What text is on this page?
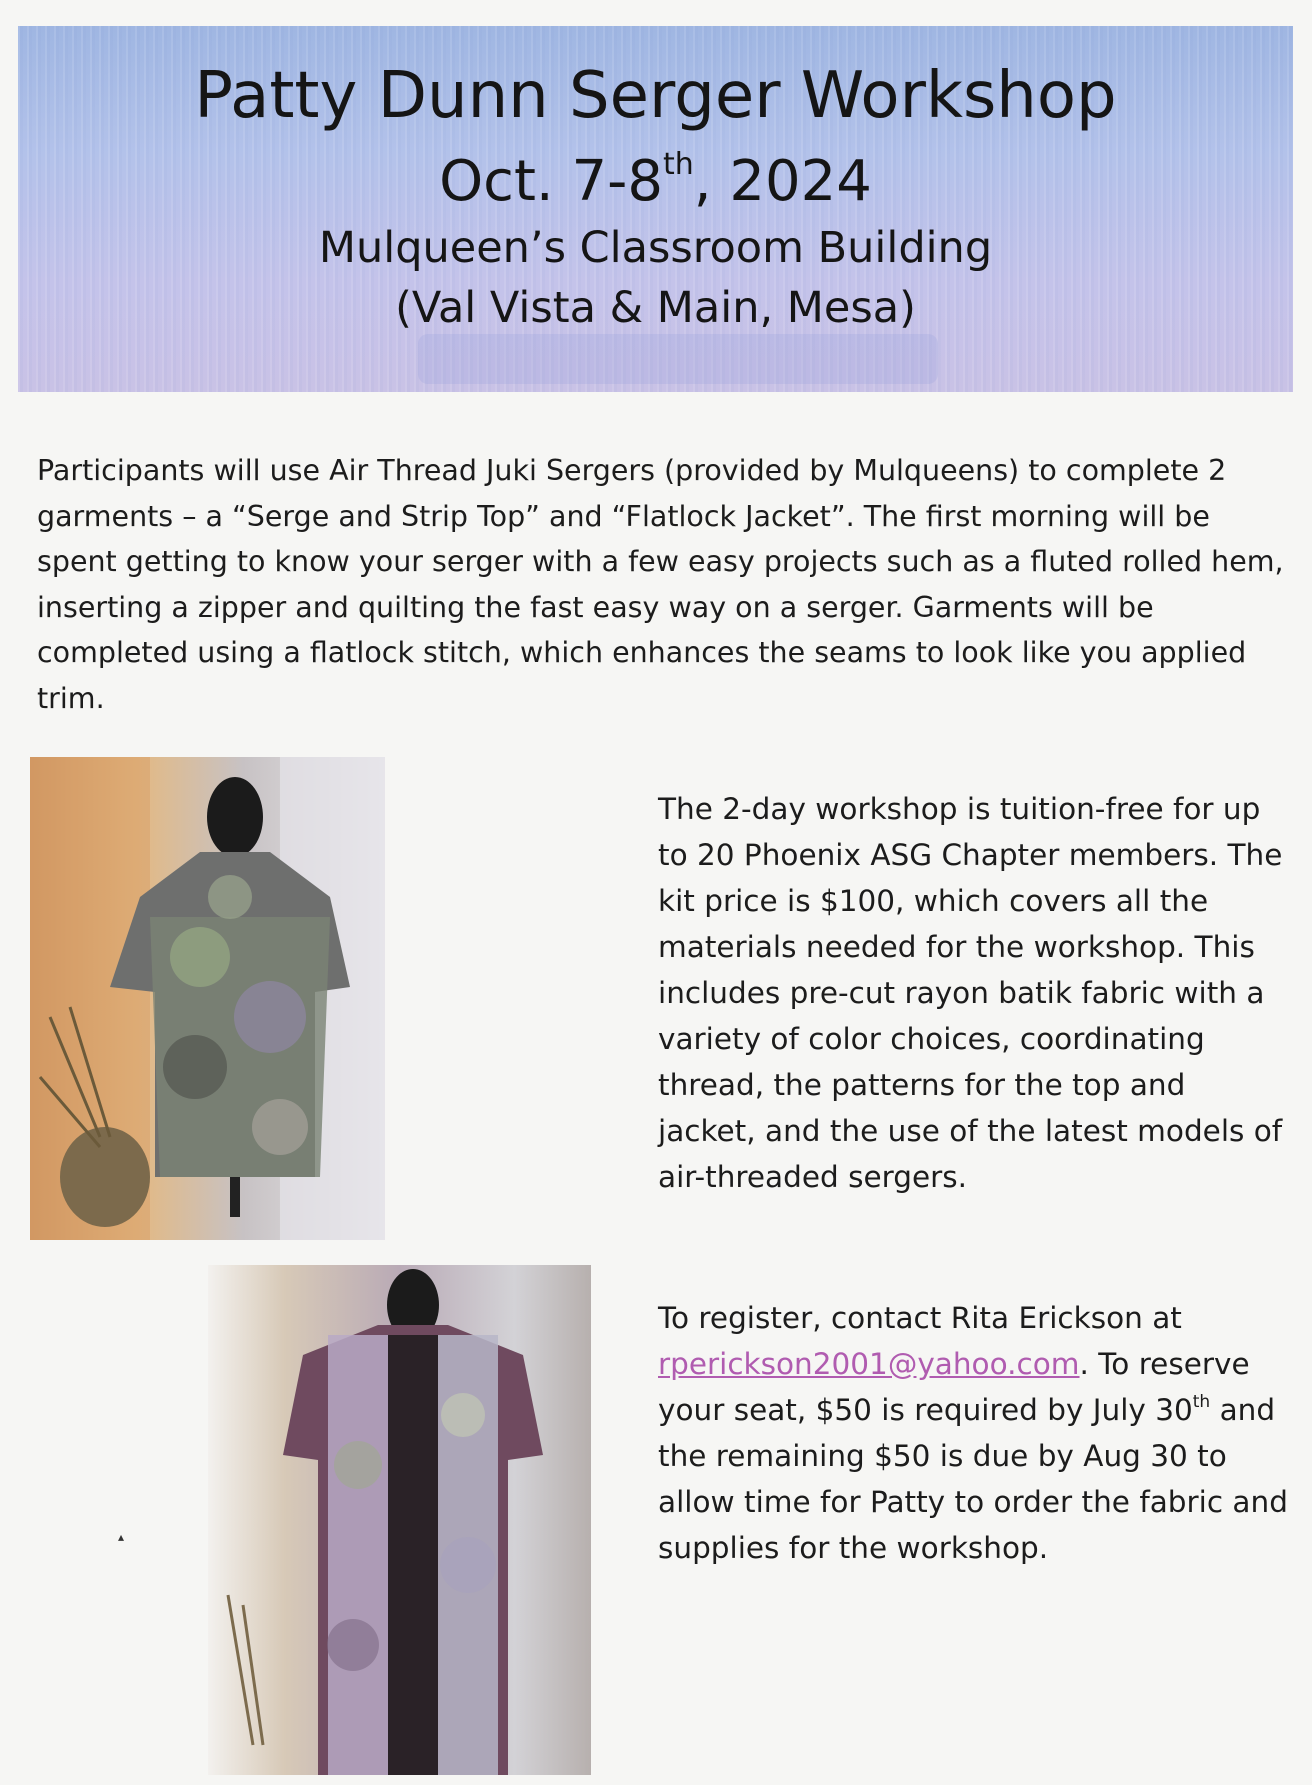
Patty Dunn Serger Workshop
Oct. 7-8th, 2024
Mulqueen’s Classroom Building
(Val Vista & Main, Mesa)

Participants will use Air Thread Juki Sergers (provided by Mulqueens) to complete 2 garments – a “Serge and Strip Top” and “Flatlock Jacket”. The first morning will be spent getting to know your serger with a few easy projects such as a fluted rolled hem, inserting a zipper and quilting the fast easy way on a serger. Garments will be completed using a flatlock stitch, which enhances the seams to look like you applied trim.

▴

The 2-day workshop is tuition-free for up to 20 Phoenix ASG Chapter members. The kit price is $100, which covers all the materials needed for the workshop. This includes pre-cut rayon batik fabric with a variety of color choices, coordinating thread, the patterns for the top and jacket, and the use of the latest models of air-threaded sergers.

To register, contact Rita Erickson at rperickson2001@yahoo.com. To reserve your seat, $50 is required by July 30th and the remaining $50 is due by Aug 30 to allow time for Patty to order the fabric and supplies for the workshop.
